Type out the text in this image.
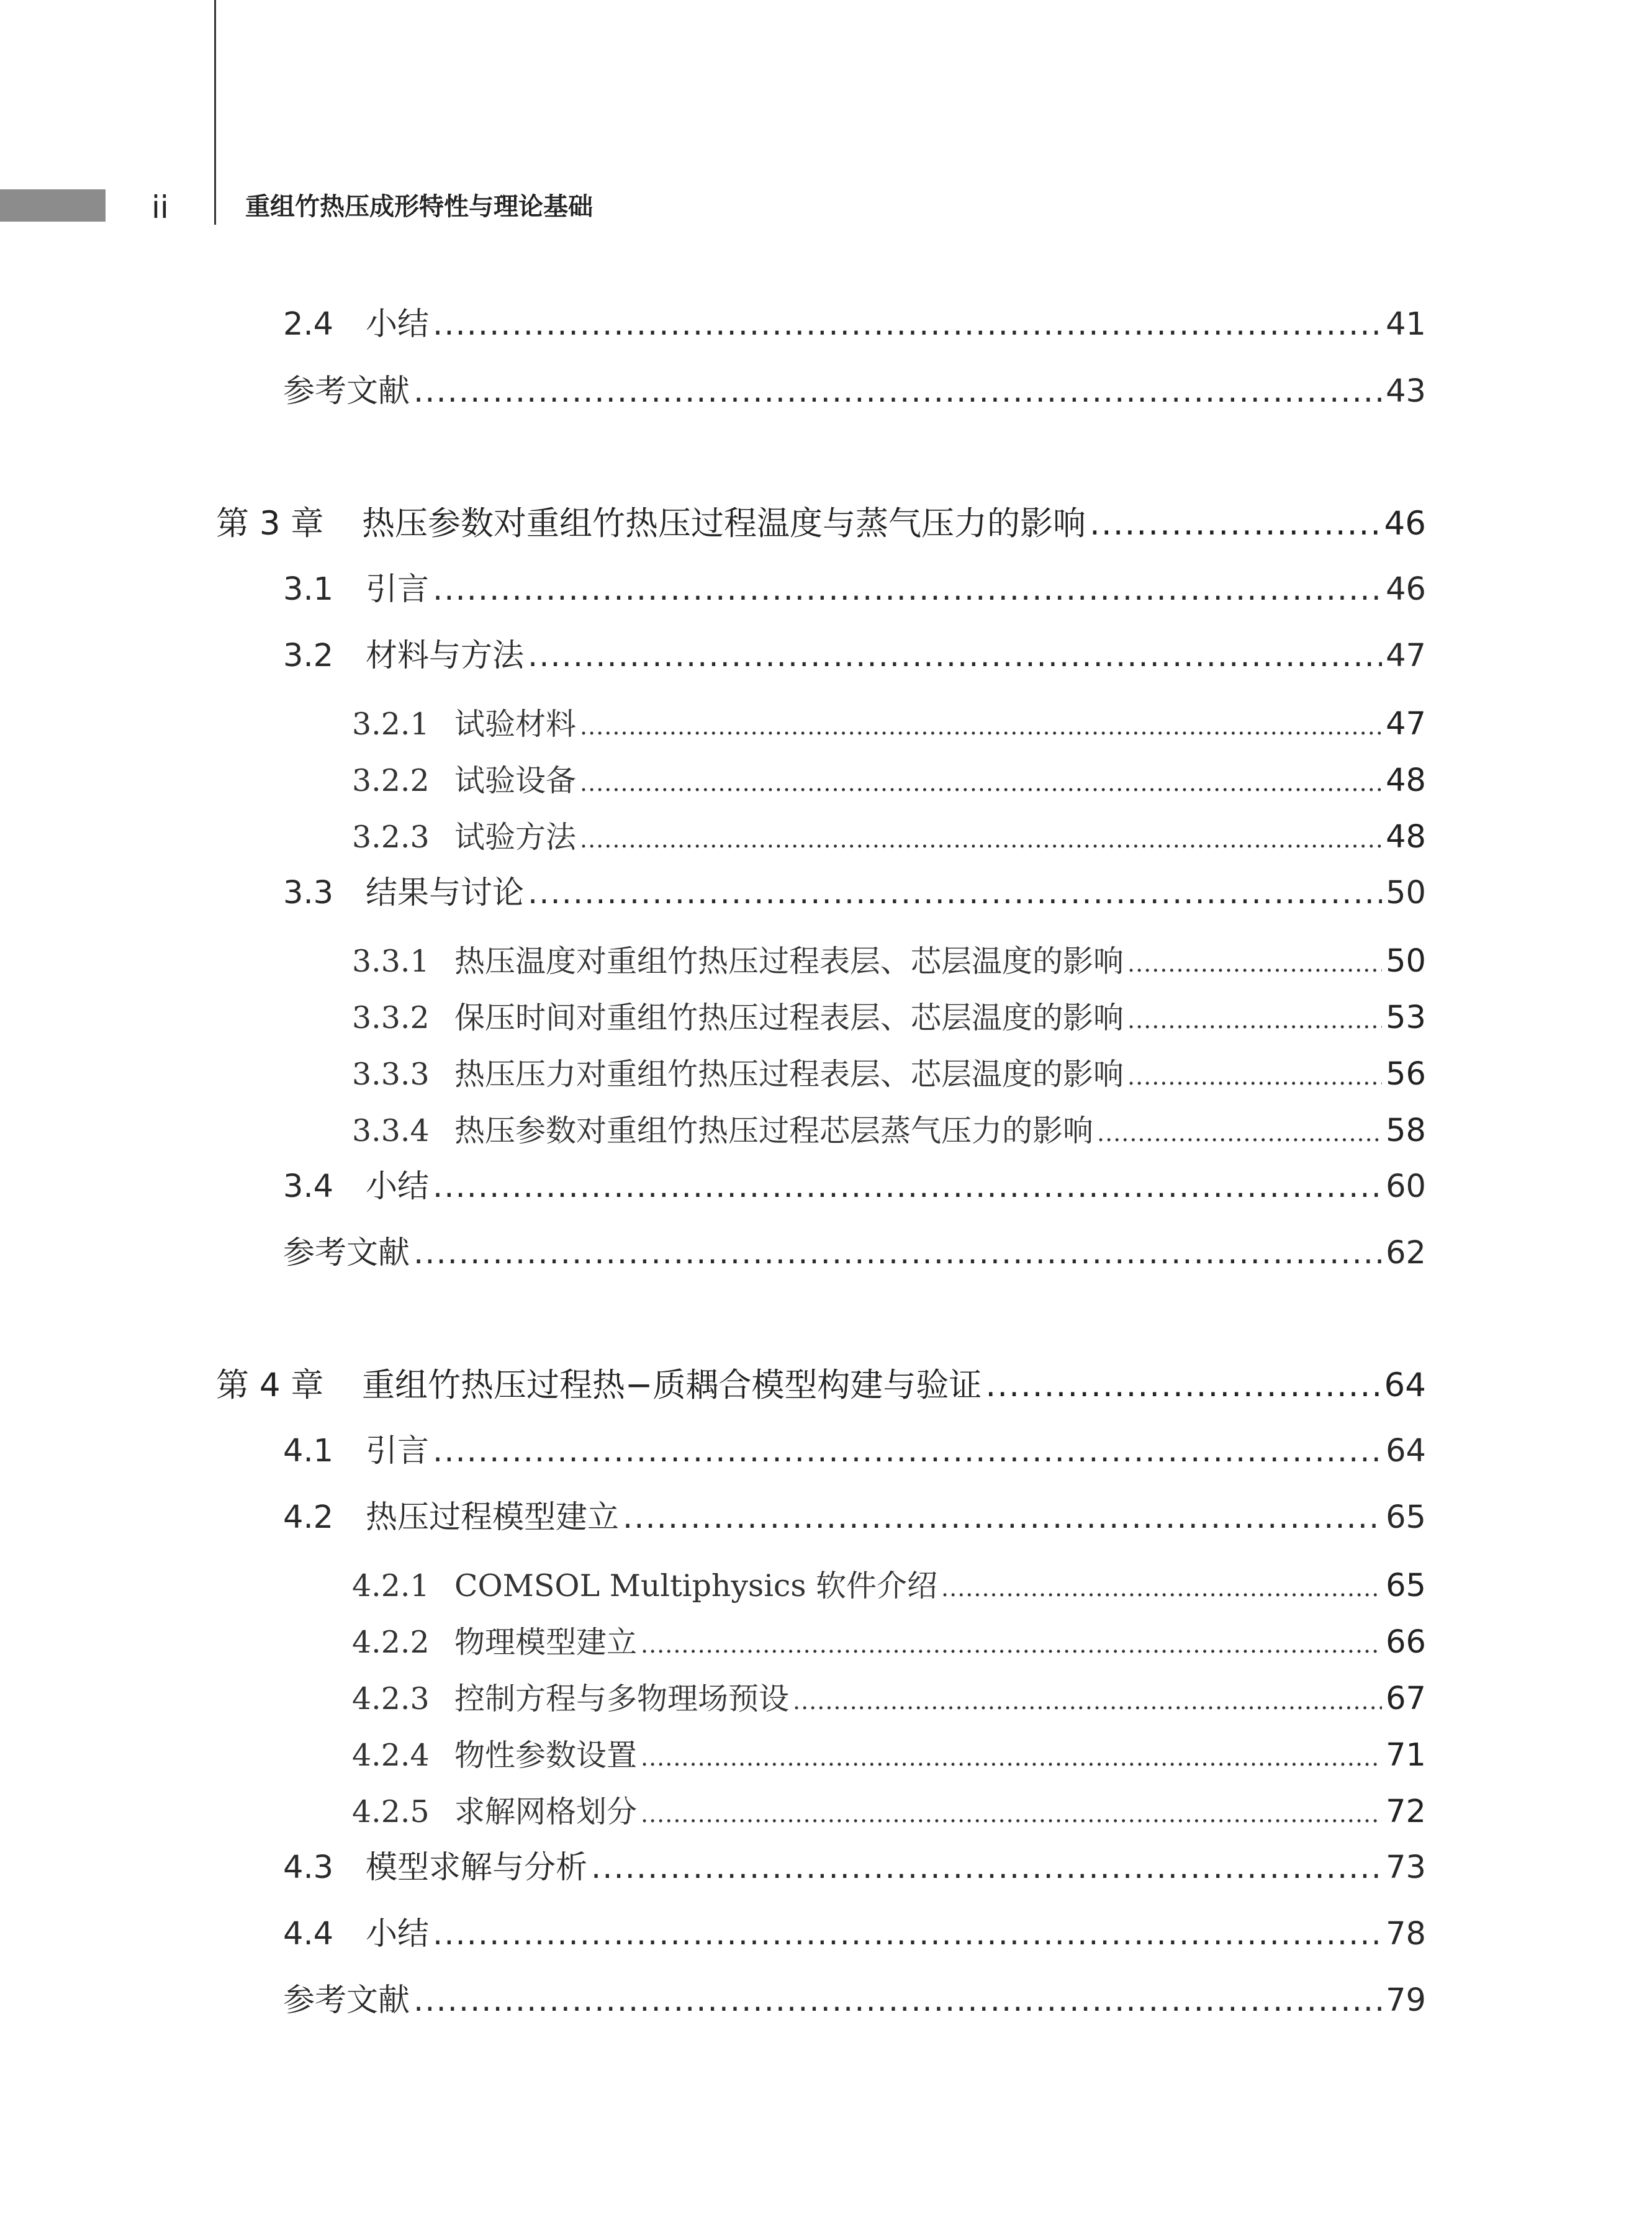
ii	重组竹热压成形特性与理论基础
2.4	小结 .....	41
参考文献 .....	43
第 3 章	热压参数对重组竹热压过程温度与蒸气压力的影响 .....	46
3.1	引言 .....	46
3.2	材料与方法 .....	47
3.2.1 试验材料 .....	47
3.2.2 试验设备 .....	48
3.2.3 试验方法 .....	48
3.3	结果与讨论 .....	50
3.3.1 热压温度对重组竹热压过程表层、芯层温度的影响 .....	50
3.3.2 保压时间对重组竹热压过程表层、芯层温度的影响 .....	53
3.3.3 热压压力对重组竹热压过程表层、芯层温度的影响 .....	56
3.3.4 热压参数对重组竹热压过程芯层蒸气压力的影响 .....	58
3.4	小结 .....	60
参考文献 .....	62
第 4 章	重组竹热压过程热−质耦合模型构建与验证 .....	64
4.1	引言 .....	64
4.2	热压过程模型建立 .....	65
4.2.1 COMSOL Multiphysics 软件介绍 .....	65
4.2.2 物理模型建立 .....	66
4.2.3 控制方程与多物理场预设 .....	67
4.2.4 物性参数设置 .....	71
4.2.5 求解网格划分 .....	72
4.3	模型求解与分析 .....	73
4.4	小结 .....	78
参考文献 .....	79
